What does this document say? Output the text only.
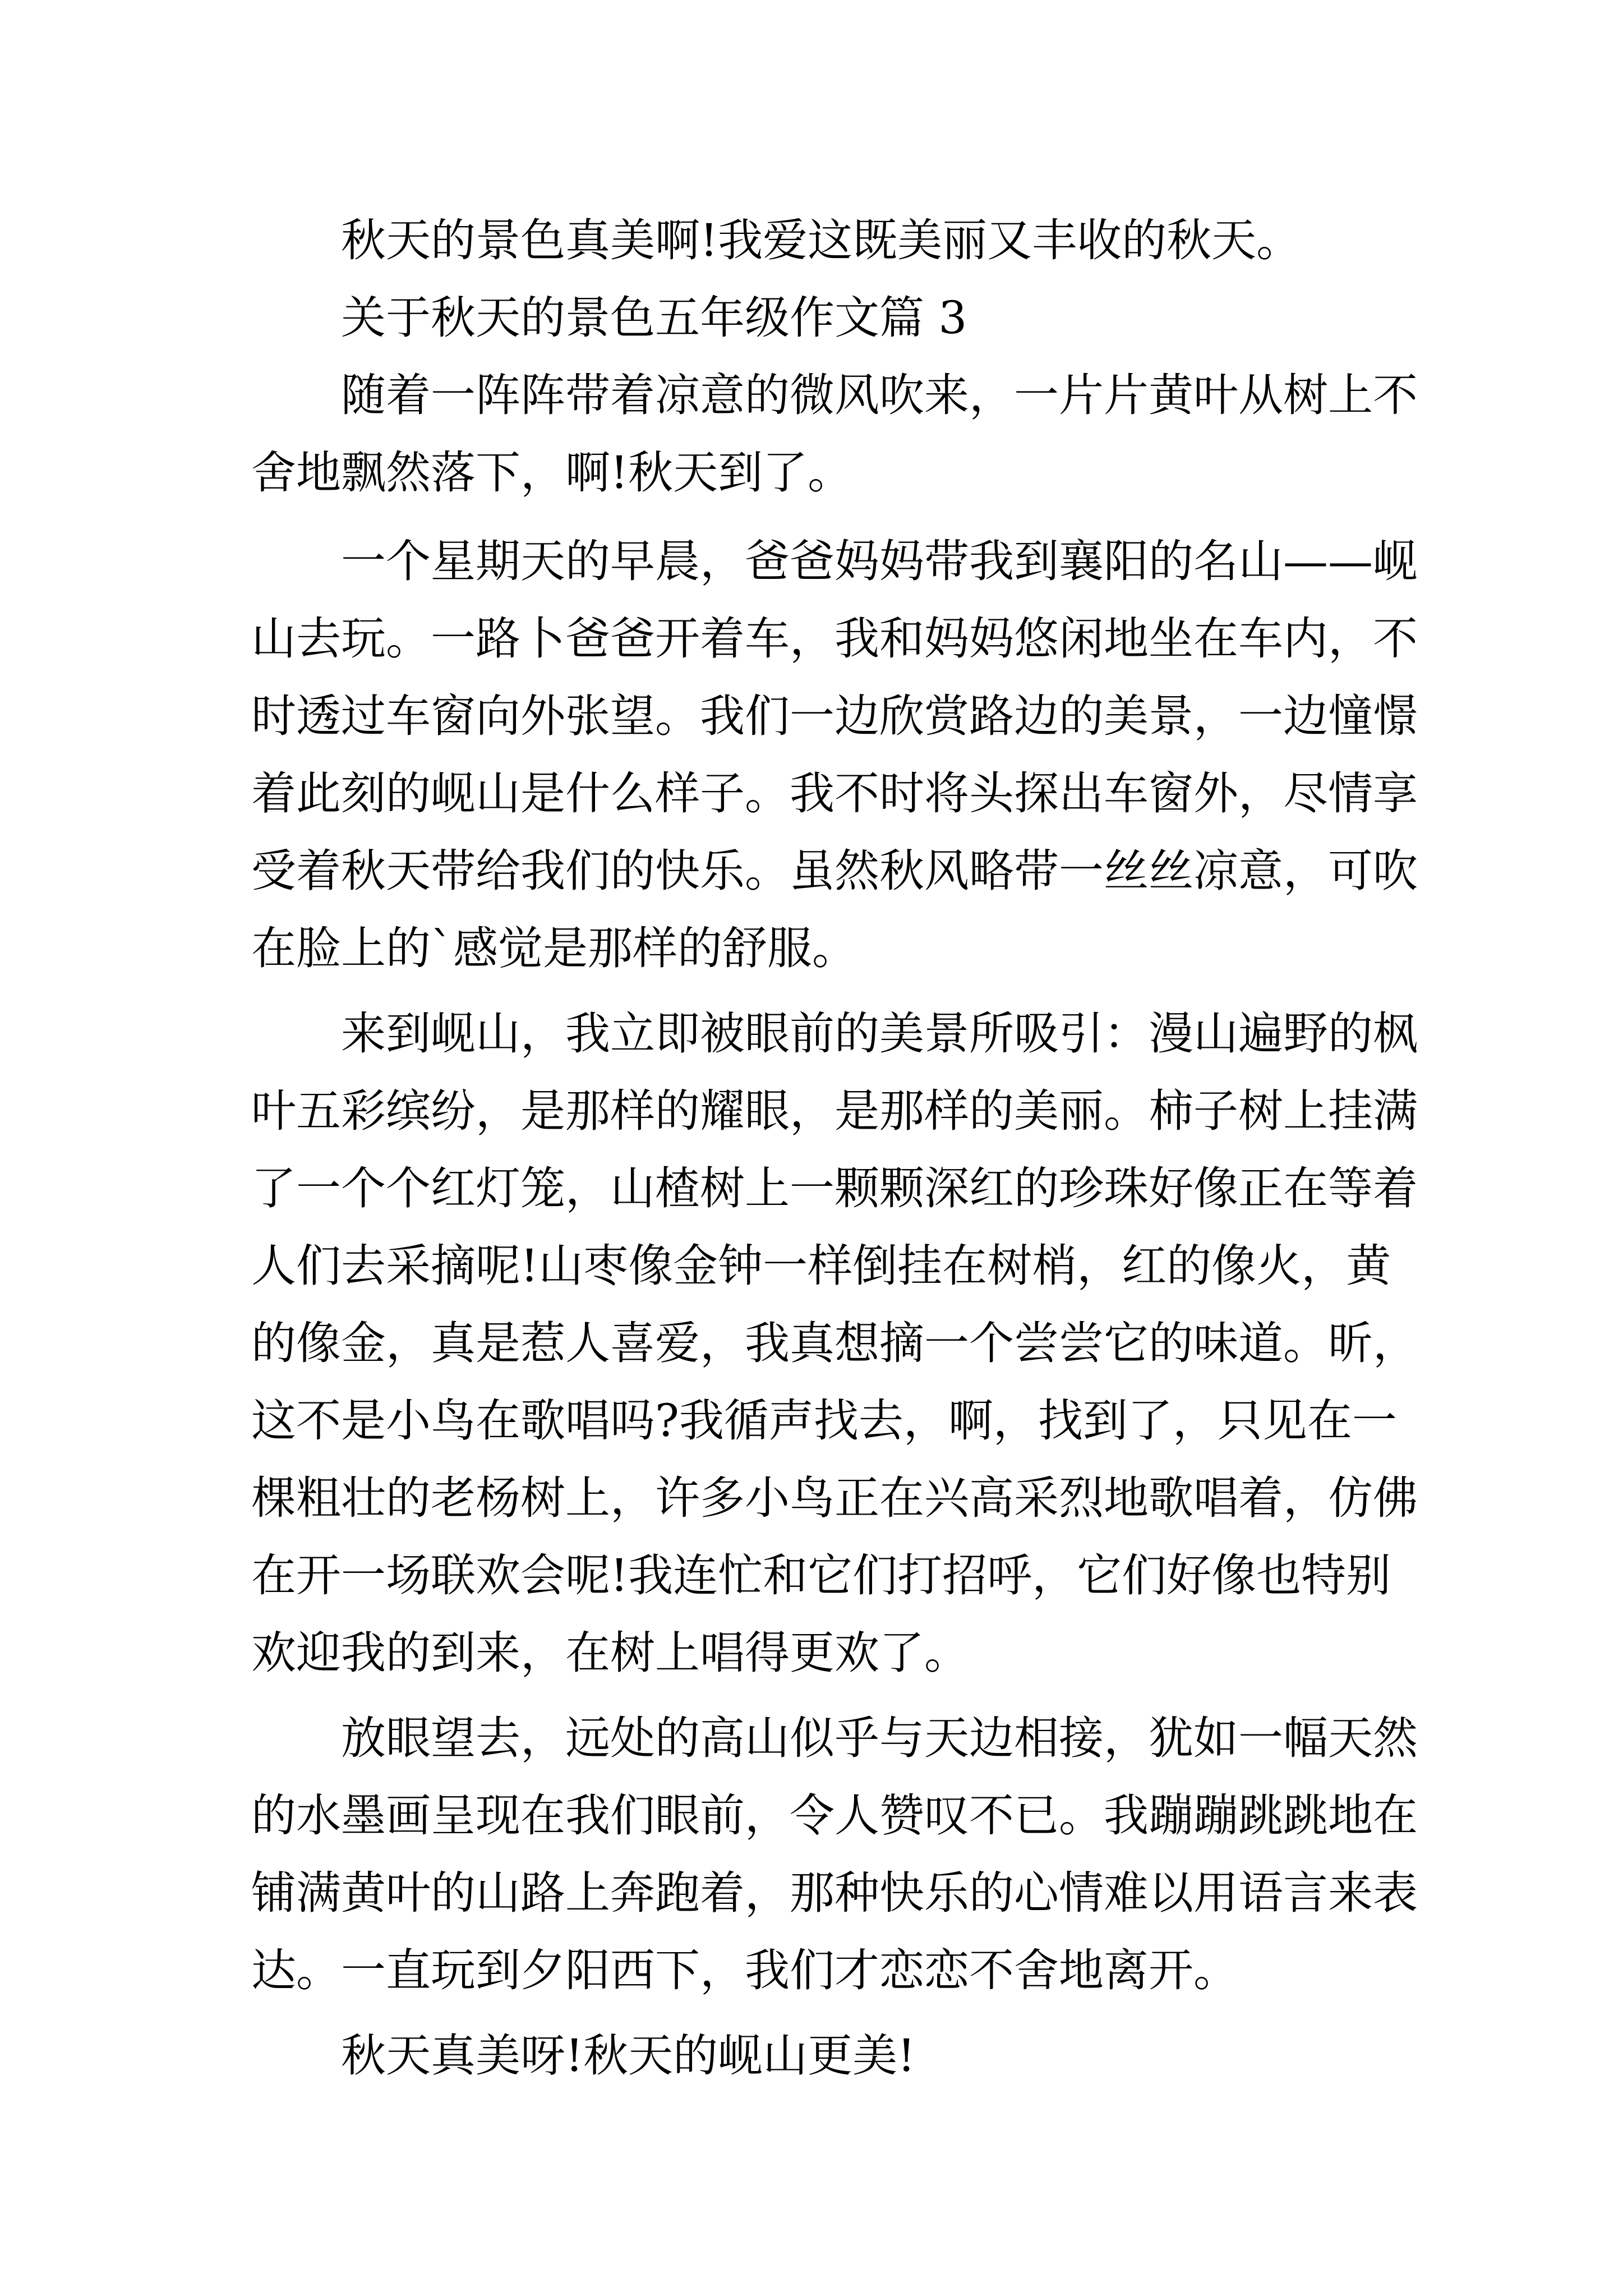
秋天的景色真美啊!我爱这既美丽又丰收的秋天。
关于秋天的景色五年级作文篇 3
随着一阵阵带着凉意的微风吹来，一片片黄叶从树上不
舍地飘然落下，啊!秋天到了。
一个星期天的早晨，爸爸妈妈带我到襄阳的名山——岘
山去玩。一路卜爸爸开着车，我和妈妈悠闲地坐在车内，不
时透过车窗向外张望。我们一边欣赏路边的美景，一边憧憬
着此刻的岘山是什么样子。我不时将头探出车窗外，尽情享
受着秋天带给我们的快乐。虽然秋风略带一丝丝凉意，可吹
在脸上的`感觉是那样的舒服。
来到岘山，我立即被眼前的美景所吸引：漫山遍野的枫
叶五彩缤纷，是那样的耀眼，是那样的美丽。柿子树上挂满
了一个个红灯笼，山楂树上一颗颗深红的珍珠好像正在等着
人们去采摘呢!山枣像金钟一样倒挂在树梢，红的像火，黄
的像金，真是惹人喜爱，我真想摘一个尝尝它的味道。昕，
这不是小鸟在歌唱吗?我循声找去，啊，找到了，只见在一
棵粗壮的老杨树上，许多小鸟正在兴高采烈地歌唱着，仿佛
在开一场联欢会呢!我连忙和它们打招呼，它们好像也特别
欢迎我的到来，在树上唱得更欢了。
放眼望去，远处的高山似乎与天边相接，犹如一幅天然
的水墨画呈现在我们眼前，令人赞叹不已。我蹦蹦跳跳地在
铺满黄叶的山路上奔跑着，那种快乐的心情难以用语言来表
达。一直玩到夕阳西下，我们才恋恋不舍地离开。
秋天真美呀!秋天的岘山更美!
